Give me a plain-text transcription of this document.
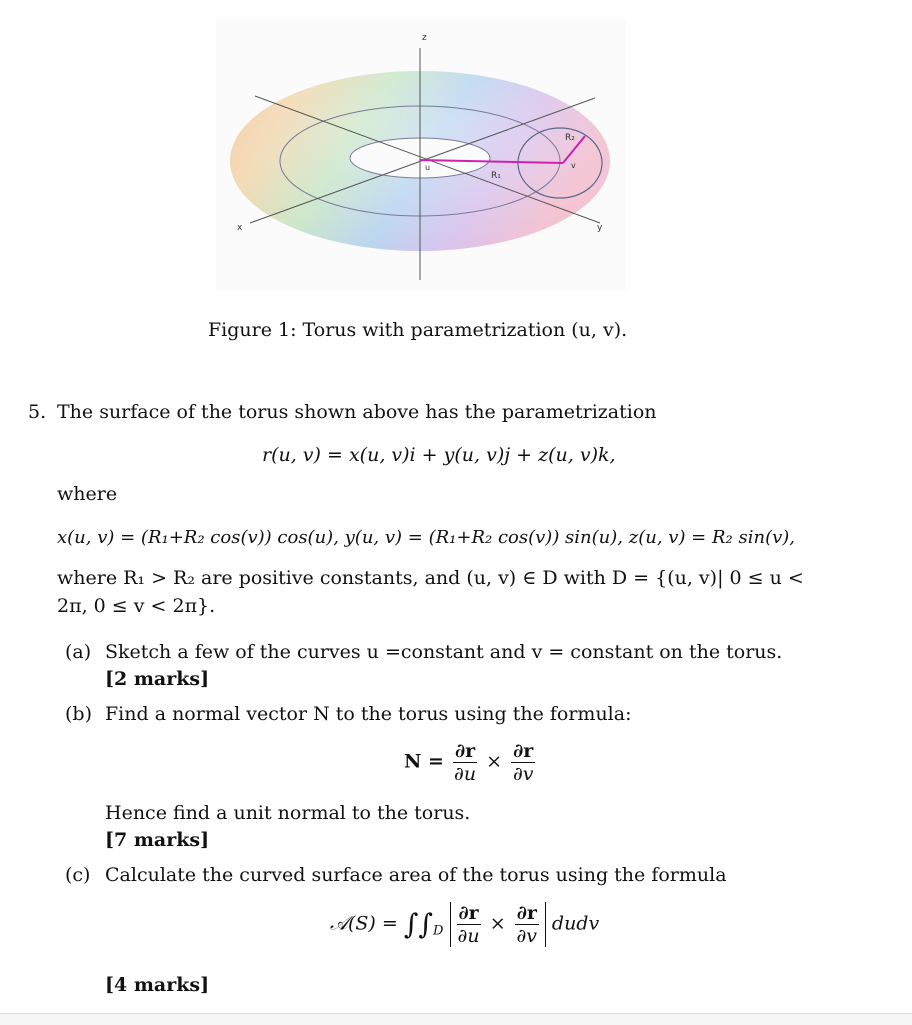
z
x	y
R₁
R₂
u	v
Figure 1: Torus with parametrization (u, v).
5. The surface of the torus shown above has the parametrization
r(u, v) = x(u, v)i + y(u, v)j + z(u, v)k,
where
x(u, v) = (R₁+R₂ cos(v)) cos(u), y(u, v) = (R₁+R₂ cos(v)) sin(u), z(u, v) = R₂ sin(v),
where R₁ > R₂ are positive constants, and (u, v) ∈ D with D = {(u, v)| 0 ≤ u <
2π, 0 ≤ v < 2π}.
(a) Sketch a few of the curves u =constant and v = constant on the torus.
[2 marks]
(b) Find a normal vector N to the torus using the formula:
$N = \frac{\partial r}{\partial u} \times \frac{\partial r}{\partial v}$
Hence find a unit normal to the torus.
[7 marks]
(c) Calculate the curved surface area of the torus using the formula
𝒜(S) = $\int\int_D \frac{\partial r}{\partial u} \times \frac{\partial r}{\partial v}$ dudv
[4 marks]
